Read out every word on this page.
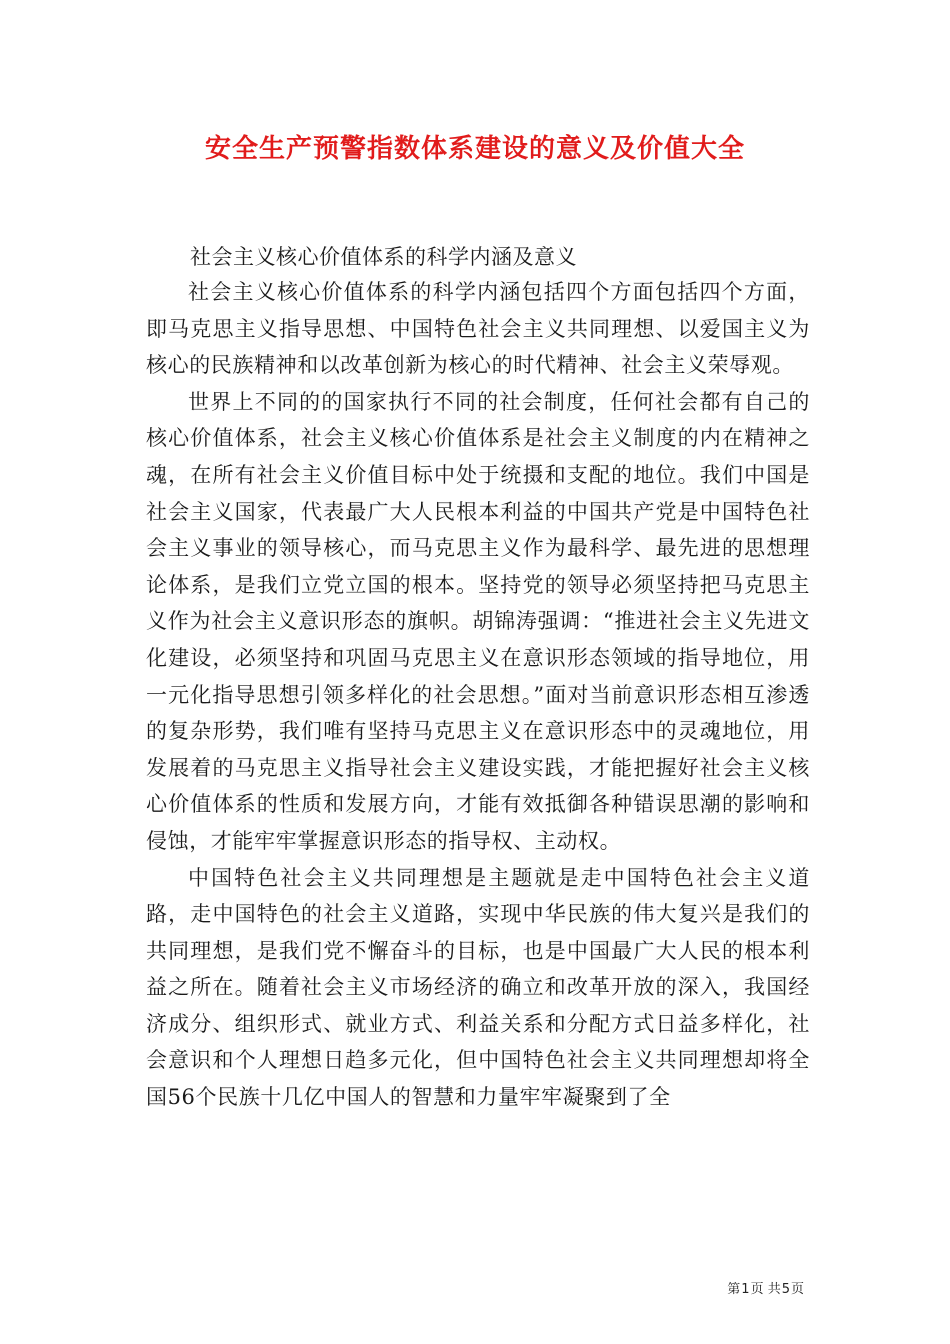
安全生产预警指数体系建设的意义及价值大全

社会主义核心价值体系的科学内涵及意义

社会主义核心价值体系的科学内涵包括四个方面包括四个方面，即马克思主义指导思想、中国特色社会主义共同理想、以爱国主义为核心的民族精神和以改革创新为核心的时代精神、社会主义荣辱观。

世界上不同的的国家执行不同的社会制度，任何社会都有自己的核心价值体系，社会主义核心价值体系是社会主义制度的内在精神之魂，在所有社会主义价值目标中处于统摄和支配的地位。我们中国是社会主义国家，代表最广大人民根本利益的中国共产党是中国特色社会主义事业的领导核心，而马克思主义作为最科学、最先进的思想理论体系，是我们立党立国的根本。坚持党的领导必须坚持把马克思主义作为社会主义意识形态的旗帜。胡锦涛强调：“推进社会主义先进文化建设，必须坚持和巩固马克思主义在意识形态领域的指导地位，用一元化指导思想引领多样化的社会思想。”面对当前意识形态相互渗透的复杂形势，我们唯有坚持马克思主义在意识形态中的灵魂地位，用发展着的马克思主义指导社会主义建设实践，才能把握好社会主义核心价值体系的性质和发展方向，才能有效抵御各种错误思潮的影响和侵蚀，才能牢牢掌握意识形态的指导权、主动权。

中国特色社会主义共同理想是主题就是走中国特色社会主义道路，走中国特色的社会主义道路，实现中华民族的伟大复兴是我们的共同理想，是我们党不懈奋斗的目标，也是中国最广大人民的根本利益之所在。随着社会主义市场经济的确立和改革开放的深入，我国经济成分、组织形式、就业方式、利益关系和分配方式日益多样化，社会意识和个人理想日趋多元化，但中国特色社会主义共同理想却将全国56个民族十几亿中国人的智慧和力量牢牢凝聚到了全

第1页 共5页
